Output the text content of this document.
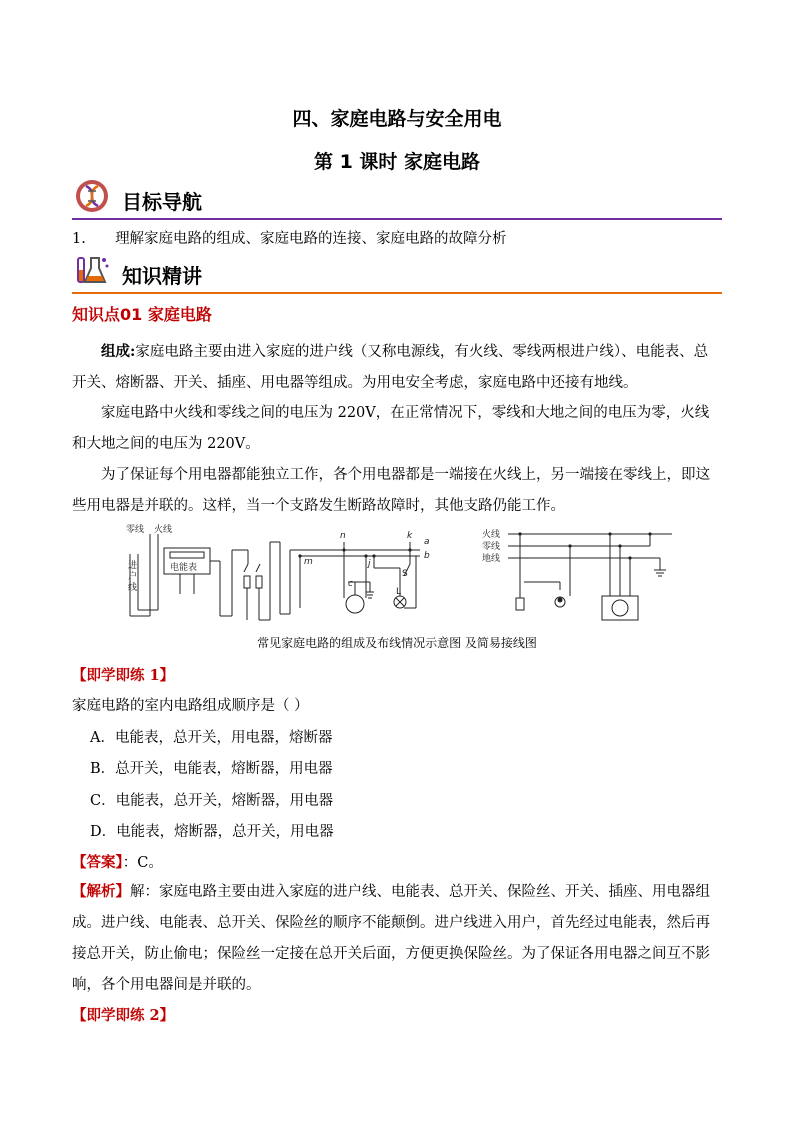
四、家庭电路与安全用电
第 1 课时 家庭电路
目标导航
1. 理解家庭电路的组成、家庭电路的连接、家庭电路的故障分析
知识精讲
知识点01 家庭电路
组成:家庭电路主要由进入家庭的进户线（又称电源线，有火线、零线两根进户线）、电能表、总开关、熔断器、开关、插座、用电器等组成。为用电安全考虑，家庭电路中还接有地线。
家庭电路中火线和零线之间的电压为 220V，在正常情况下，零线和大地之间的电压为零，火线和大地之间的电压为 220V。
为了保证每个用电器都能独立工作，各个用电器都是一端接在火线上，另一端接在零线上，即这些用电器是并联的。这样，当一个支路发生断路故障时，其他支路仍能工作。
零线 火线
进
户
线
电能表
m
n
c
j
k
a
b
S
L
火线
零线
地线
常见家庭电路的组成及布线情况示意图 及简易接线图
【即学即练 1】
家庭电路的室内电路组成顺序是（ ）
A．电能表，总开关，用电器，熔断器
B．总开关，电能表，熔断器，用电器
C．电能表，总开关，熔断器，用电器
D．电能表，熔断器，总开关，用电器
【答案】：C。
【解析】解：家庭电路主要由进入家庭的进户线、电能表、总开关、保险丝、开关、插座、用电器组成。进户线、电能表、总开关、保险丝的顺序不能颠倒。进户线进入用户，首先经过电能表，然后再接总开关，防止偷电；保险丝一定接在总开关后面，方便更换保险丝。为了保证各用电器之间互不影响，各个用电器间是并联的。
【即学即练 2】
